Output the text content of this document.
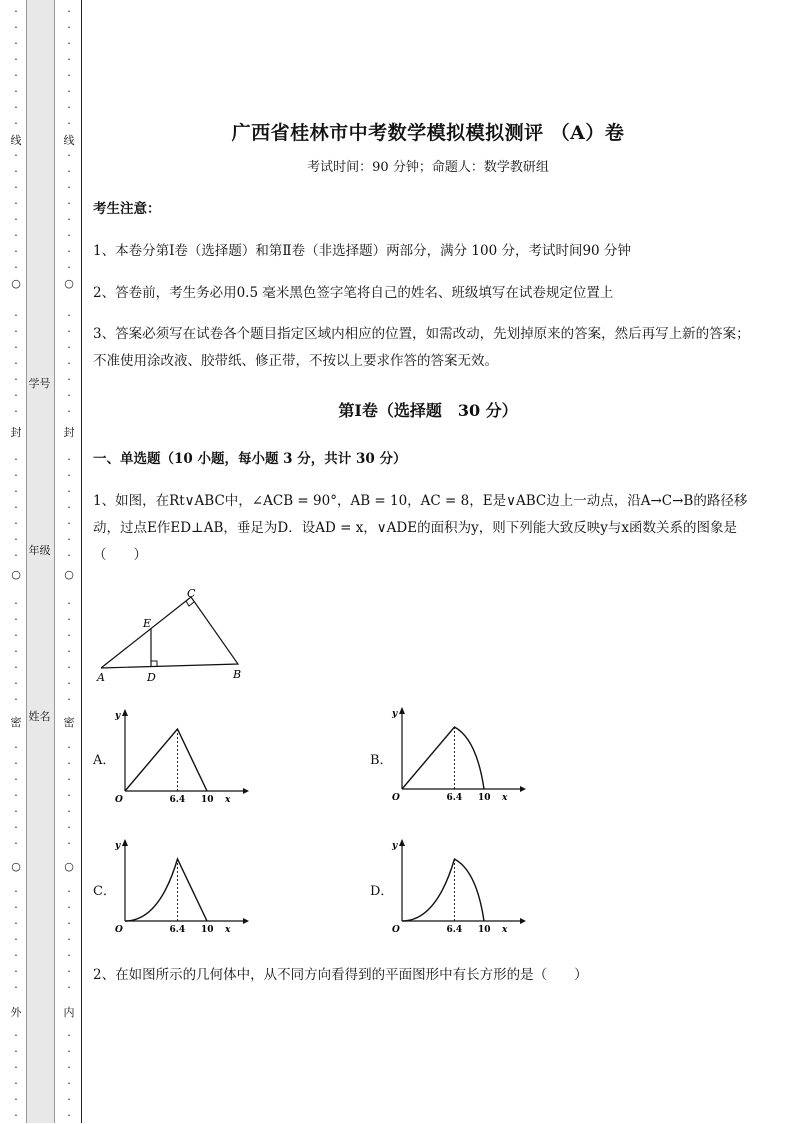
·
·
·
·
·
·
·
·
·
·
·
·
·
·
·
·
·
·
·
·
·
·
·
·
·
·
·
·
·
·
·
·
·
·
·
·
·
·
·
·
·
·
·
·
·
·
·
·
·
·
·
·
·
·
·
·
·
线
○
封
○
密
○
外
·
·
·
·
·
·
·
·
·
·
·
·
·
·
·
·
·
·
·
·
·
·
·
·
·
·
·
·
·
·
·
·
·
·
·
·
·
·
·
·
·
·
·
·
·
·
·
·
·
·
·
·
·
·
·
·
·
线
○
封
○
密
○
内
学号
年级
姓名
广西省桂林市中考数学模拟模拟测评 （A）卷
考试时间：90 分钟；命题人：数学教研组
考生注意：
1、本卷分第Ⅰ卷（选择题）和第Ⅱ卷（非选择题）两部分，满分 100 分，考试时间90 分钟
2、答卷前，考生务必用0.5 毫米黑色签字笔将自己的姓名、班级填写在试卷规定位置上
3、答案必须写在试卷各个题目指定区域内相应的位置，如需改动，先划掉原来的答案，然后再写上新的答案；不准使用涂改液、胶带纸、修正带，不按以上要求作答的答案无效。
第Ⅰ卷（选择题　30 分）
一、单选题（10 小题，每小题 3 分，共计 30 分）
1、如图，在Rt∨ABC中，∠ACB = 90°，AB = 10，AC = 8，E是∨ABC边上一动点，沿A→C→B的路径移动，过点E作ED⊥AB，垂足为D．设AD = x，∨ADE的面积为y，则下列能大致反映y与x函数关系的图象是（　　）
A	B
C
D
E
A．	B．
C．	D．
y
O	6.4 10 x
y
O	6.4 10 x
y
O	6.4 10 x
y
O	6.4 10 x
2、在如图所示的几何体中，从不同方向看得到的平面图形中有长方形的是（　　）
